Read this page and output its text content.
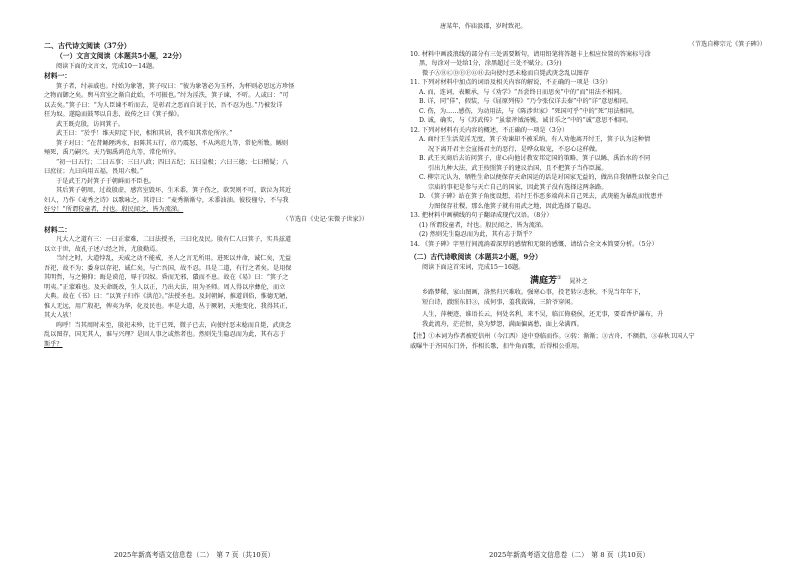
二、古代诗文阅读（37分）
（一）文言文阅读（本题共5小题，22分）
阅读下面的文言文，完成10～14题。
材料一：
箕子者，纣亲戚也。纣始为象箸，箕子叹曰：“彼为象箸必为玉杯，为杯则必思远方珍怪
之物而御之矣。舆马宫室之渐自此始，不可振也。”纣为淫泆，箕子谏，不听。人或曰：“可
以去矣。”箕子曰：“为人臣谏不听而去，是彰君之恶而自说于民，吾不忍为也。”乃被发详
狂为奴。遂隐而鼓琴以自悲，故传之曰《箕子操》。
武王既克殷，访问箕子。
武王曰：“於乎！维天阴定下民，相和其居，我不知其常伦所序。”
箕子对曰：“在昔鲧陻鸿水，汩陈其五行，帝乃震怒，不从鸿范九等，常伦所斁。鲧则
殛死，禹乃嗣兴。天乃锡禹鸿范九等，常伦所序。
“初一曰五行；二曰五事；三曰八政；四曰五纪；五曰皇极；六曰三德；七曰稽疑；八
曰庶征；九曰向用五福，畏用六极。”
于是武王乃封箕子于朝鲜而不臣也。
其后箕子朝周，过故殷虚，感宫室毁坏，生禾黍，箕子伤之，欲哭则不可，欲泣为其近
妇人，乃作《麦秀之诗》以歌咏之。其诗曰：“麦秀渐渐兮，禾黍油油。彼狡僮兮，不与我
好兮！”所谓狡童者，纣也。殷民闻之，皆为流涕。
（节选自《史记·宋微子世家》）
材料二：
凡大人之道有三：一曰正蒙难，二曰法授圣，三曰化及民。殷有仁人曰箕子，实具兹道
以立于世，故孔子述六经之旨，尤殷勤焉。
当纣之时，大道悖乱，天威之动不能戒，圣人之言无所用。进死以并命，诚仁矣，无益
吾祀，故不为；委身以存祀，诚仁矣，与亡吾国，故不忍。具是二道，有行之者矣。是用保
其明哲，与之俯仰；晦是谟范，辱于囚奴。昏而无邪，隤而不息。故在《易》曰：“箕子之
明夷。”正蒙难也。及天命既改，生人以正，乃出大法，用为圣师。周人得以序彝伦，而立
大典。故在《书》曰：“以箕子归作《洪范》。”法授圣也。及封朝鲜，推道训俗，惟德无陋，
惟人无远，用广殷祀，俾夷为华，化及民也。率是大道，丛于厥躬，天地变化，我得其正，
其大人欤！
呜呼！当其周时未至，殷祀未殄，比干已死，微子已去，向使纣恶未稔而自毙，武庚念
乱以图存，国无其人，谁与兴理？是固人事之或然者也。然则先生隐忍而为此，其有志于
斯乎？
2025年新高考语文信息卷（二）　第 7 页（共10页）
唐某年，作庙汲郡，岁时致祀。
（节选自柳宗元《箕子碑》）
10. 材料中画波浪线的部分有三处需要断句，请用铅笔将答题卡上相应位置的答案标号涂
黑，每涂对一处给1分，涂黑超过三处不赋分。(3分)
微子ⒶⒷⒸⒹⒺⒻⒼⒽ去向使纣恶未稔而自毙武庚念乱以图存
11. 下列对材料中加点的词语及相关内容的解说，不正确的一项是（3分）
A. 而，连词，表顺承，与《劝学》“吾尝终日而思矣”中的“而”用法不相同。
B. 详，同“佯”，假装，与《屈原列传》“乃令张仪详去秦”中的“详”意思相同。
C. 伤，为……感伤，为动用法，与《陈涉世家》“死国可乎”中的“死”用法相同。
D. 诚，确实，与《苏武传》“虽蒙斧钺汤镬，诚甘乐之”中的“诚”意思不相同。
12. 下列对材料有关内容的概述，不正确的一项是（3分）
A. 商纣王生活荒淫无度，箕子劝谏却不被采纳，有人劝他离开纣王，箕子认为这种情
况下离开君主会宣扬君主的恶行，是哗众取宠，不忍心这样做。
B. 武王灭商后去访问箕子，虚心向他讨教安邦定国的策略，箕子以鲧、禹治水的不同
引出九种大法，武王按照箕子的建议治国，且不把箕子当作臣属。
C. 柳宗元认为，牺牲生命以便保存天命国运的话是对国家无益的，做出自我牺牲以保全自己
宗庙的事祀是参与天亡自己的国家，因此箕子没有选择这两条路。
D. 《箕子碑》站在箕子角度设想，若纣王作恶多端尚未自己死去，武庚能为暴乱而忧患并
力图保存社稷，那么他箕子就有用武之地，因此选择了隐忍。
13. 把材料中画横线的句子翻译成现代汉语。（8分）
(1) 所谓狡童者，纣也。殷民闻之，皆为流涕。
(2) 然则先生隐忍而为此，其有志于斯乎？
14. 《箕子碑》字里行间流淌着深厚的感情和无限的感慨，请结合全文本简要分析。（5分）
（二）古代诗歌阅读（本题共2小题，9分）
阅读下面这首宋词，完成15～16题。
满庭芳① 晁补之
乡路梦稀，家山图画，洛然归兴难收。强寒心事，投老转②悲秋。不见当年年下，
短白诗，澈照东旧③，成何事，羞我裁锦，三阶爷穿闲。
人生，萍梗迹，谁语长云，何处名利，来不吴，临江倚骁侯，还无事，要看香炉瀑布，升
我此流舟，茫茫恨，莫为梦怨，满面偏离愁，面上朵满西。
【注】①本词为作者被贬信州（今江西）途中登临而作。②转：渐渐；③古舟，不额指，③春秋卫国人宁
戚曝牛于齐国东门外，作相长歌，扣牛角而歌，后得相公重用。
2025年新高考语文信息卷（二）　第 8 页（共10页）
